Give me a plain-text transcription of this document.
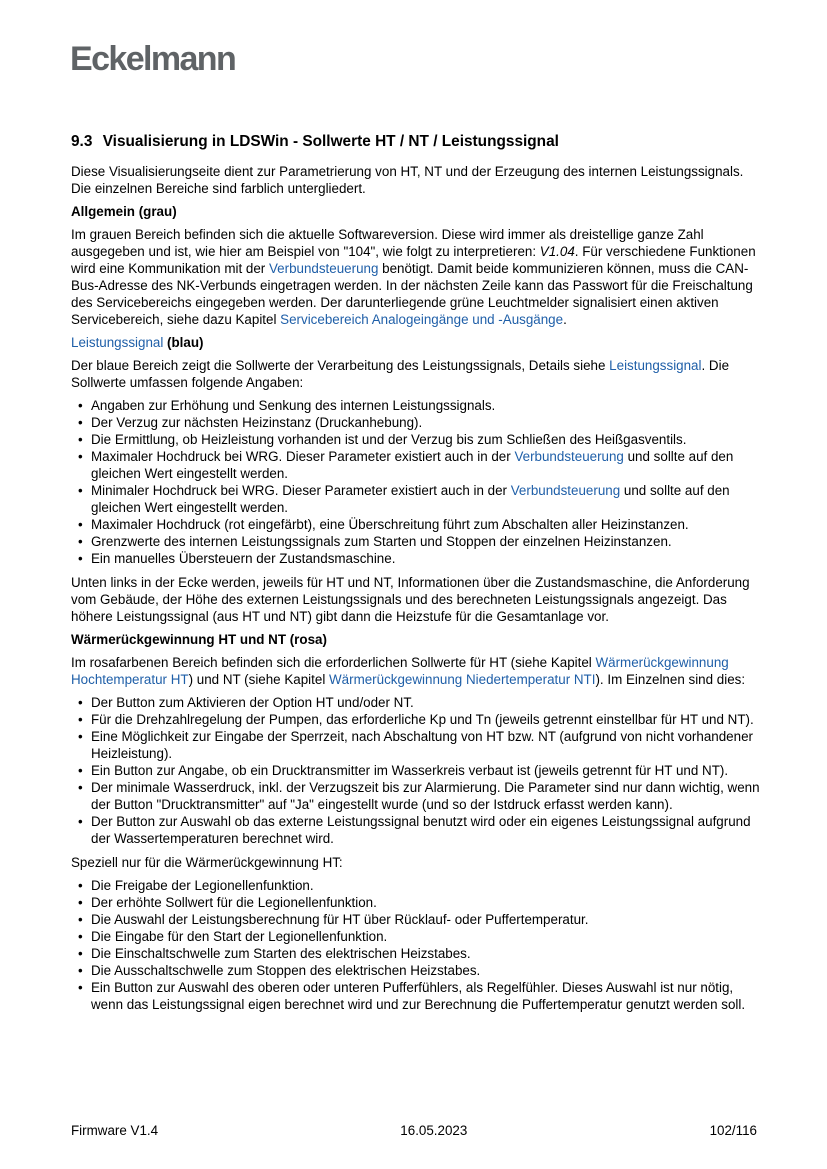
Eckelmann
9.3 Visualisierung in LDSWin - Sollwerte HT / NT / Leistungssignal

Diese Visualisierungseite dient zur Parametrierung von HT, NT und der Erzeugung des internen Leistungssignals. Die einzelnen Bereiche sind farblich untergliedert.

Allgemein (grau)

Im grauen Bereich befinden sich die aktuelle Softwareversion. Diese wird immer als dreistellige ganze Zahl ausgegeben und ist, wie hier am Beispiel von "104", wie folgt zu interpretieren: V1.04. Für verschiedene Funktionen wird eine Kommunikation mit der Verbundsteuerung benötigt. Damit beide kommunizieren können, muss die CAN-Bus-Adresse des NK-Verbunds eingetragen werden. In der nächsten Zeile kann das Passwort für die Freischaltung des Servicebereichs eingegeben werden. Der darunterliegende grüne Leuchtmelder signalisiert einen aktiven Servicebereich, siehe dazu Kapitel Servicebereich Analogeingänge und -Ausgänge.

Leistungssignal (blau)

Der blaue Bereich zeigt die Sollwerte der Verarbeitung des Leistungssignals, Details siehe Leistungssignal. Die Sollwerte umfassen folgende Angaben:

• Angaben zur Erhöhung und Senkung des internen Leistungssignals.
• Der Verzug zur nächsten Heizinstanz (Druckanhebung).
• Die Ermittlung, ob Heizleistung vorhanden ist und der Verzug bis zum Schließen des Heißgasventils.
• Maximaler Hochdruck bei WRG. Dieser Parameter existiert auch in der Verbundsteuerung und sollte auf den gleichen Wert eingestellt werden.
• Minimaler Hochdruck bei WRG. Dieser Parameter existiert auch in der Verbundsteuerung und sollte auf den gleichen Wert eingestellt werden.
• Maximaler Hochdruck (rot eingefärbt), eine Überschreitung führt zum Abschalten aller Heizinstanzen.
• Grenzwerte des internen Leistungssignals zum Starten und Stoppen der einzelnen Heizinstanzen.
• Ein manuelles Übersteuern der Zustandsmaschine.

Unten links in der Ecke werden, jeweils für HT und NT, Informationen über die Zustandsmaschine, die Anforderung vom Gebäude, der Höhe des externen Leistungssignals und des berechneten Leistungssignals angezeigt. Das höhere Leistungssignal (aus HT und NT) gibt dann die Heizstufe für die Gesamtanlage vor.

Wärmerückgewinnung HT und NT (rosa)

Im rosafarbenen Bereich befinden sich die erforderlichen Sollwerte für HT (siehe Kapitel Wärmerückgewinnung Hochtemperatur HT) und NT (siehe Kapitel Wärmerückgewinnung Niedertemperatur NTI). Im Einzelnen sind dies:

• Der Button zum Aktivieren der Option HT und/oder NT.
• Für die Drehzahlregelung der Pumpen, das erforderliche Kp und Tn (jeweils getrennt einstellbar für HT und NT).
• Eine Möglichkeit zur Eingabe der Sperrzeit, nach Abschaltung von HT bzw. NT (aufgrund von nicht vorhandener Heizleistung).
• Ein Button zur Angabe, ob ein Drucktransmitter im Wasserkreis verbaut ist (jeweils getrennt für HT und NT).
• Der minimale Wasserdruck, inkl. der Verzugszeit bis zur Alarmierung. Die Parameter sind nur dann wichtig, wenn der Button "Drucktransmitter" auf "Ja" eingestellt wurde (und so der Istdruck erfasst werden kann).
• Der Button zur Auswahl ob das externe Leistungssignal benutzt wird oder ein eigenes Leistungssignal aufgrund der Wassertemperaturen berechnet wird.

Speziell nur für die Wärmerückgewinnung HT:

• Die Freigabe der Legionellenfunktion.
• Der erhöhte Sollwert für die Legionellenfunktion.
• Die Auswahl der Leistungsberechnung für HT über Rücklauf- oder Puffertemperatur.
• Die Eingabe für den Start der Legionellenfunktion.
• Die Einschaltschwelle zum Starten des elektrischen Heizstabes.
• Die Ausschaltschwelle zum Stoppen des elektrischen Heizstabes.
• Ein Button zur Auswahl des oberen oder unteren Pufferfühlers, als Regelfühler. Dieses Auswahl ist nur nötig, wenn das Leistungssignal eigen berechnet wird und zur Berechnung die Puffertemperatur genutzt werden soll.
Firmware V1.4	16.05.2023	102/116
